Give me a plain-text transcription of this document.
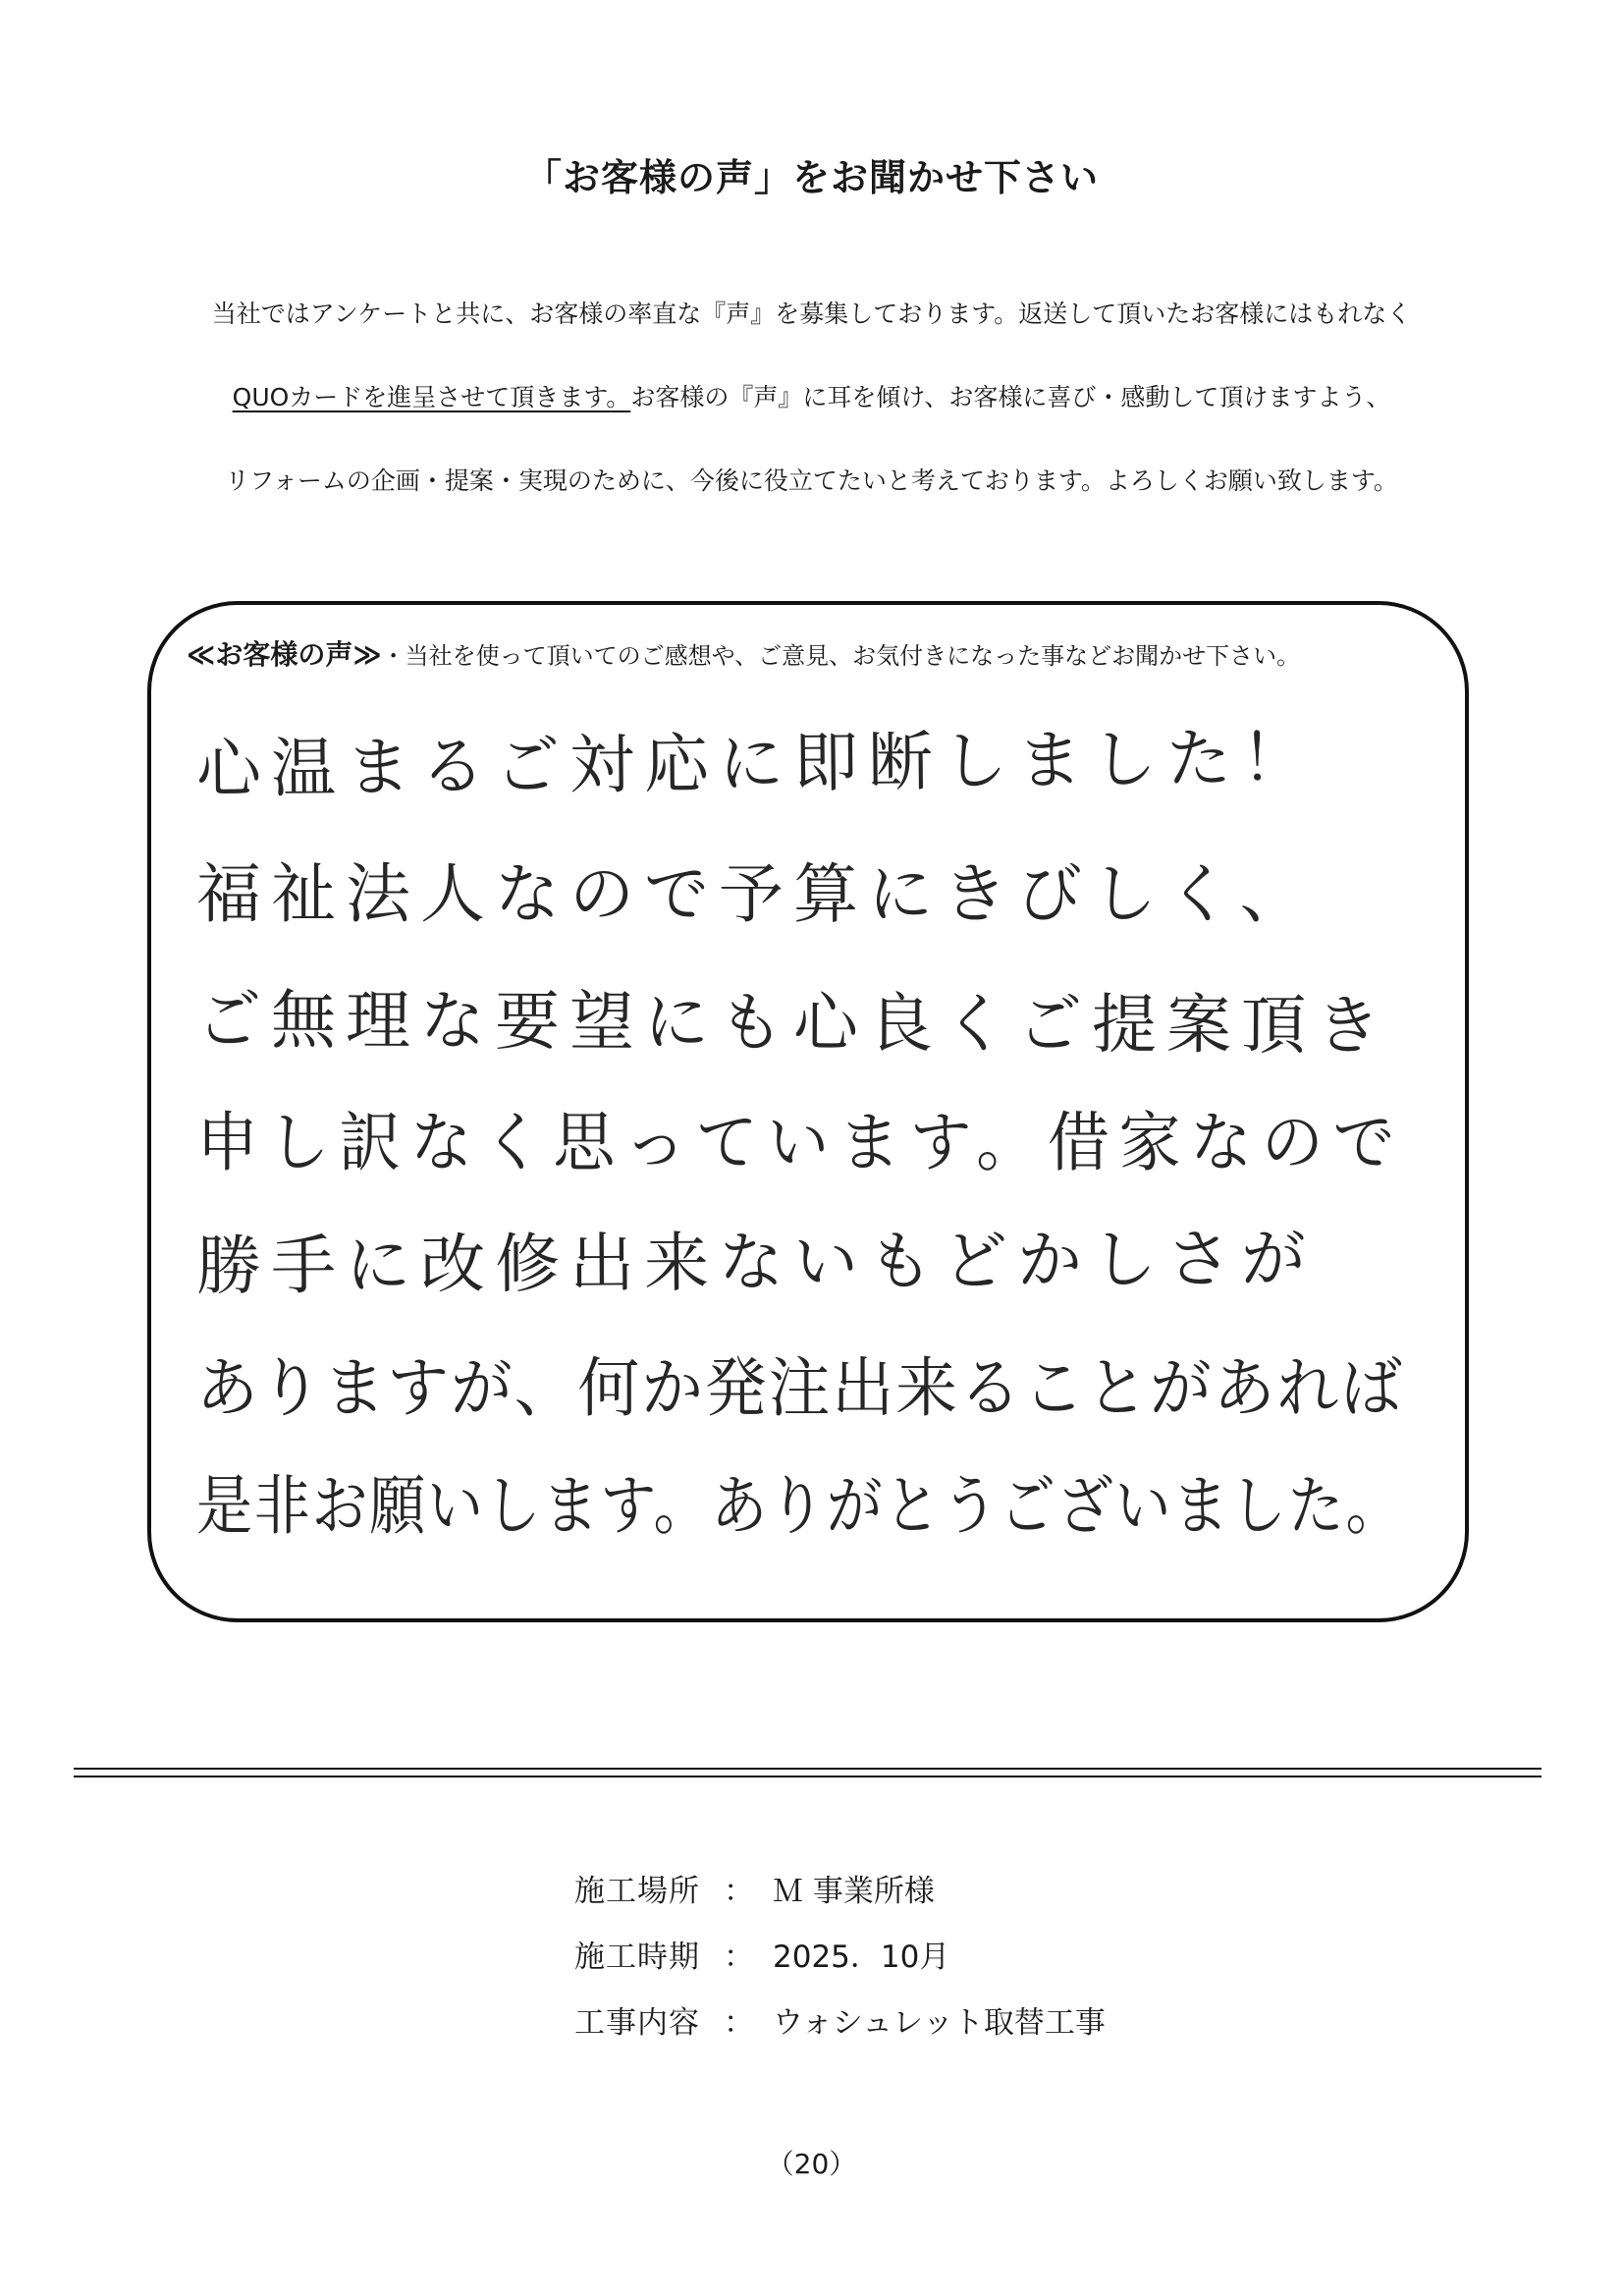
「お客様の声」をお聞かせ下さい
当社ではアンケートと共に、お客様の率直な『声』を募集しております。返送して頂いたお客様にはもれなく
QUOカードを進呈させて頂きます。お客様の『声』に耳を傾け、お客様に喜び・感動して頂けますよう、
リフォームの企画・提案・実現のために、今後に役立てたいと考えております。よろしくお願い致します。
≪お客様の声≫・当社を使って頂いてのご感想や、ご意見、お気付きになった事などお聞かせ下さい。
心温まるご対応に即断しました！
福祉法人なので予算にきびしく、
ご無理な要望にも心良くご提案頂き
申し訳なく思っています。借家なので
勝手に改修出来ないもどかしさが
ありますが、何か発注出来ることがあれば
是非お願いします。ありがとうございました。
施工場所 ： Ｍ 事業所様
施工時期 ： 2025．10月
工事内容 ： ウォシュレット取替工事
（20）
